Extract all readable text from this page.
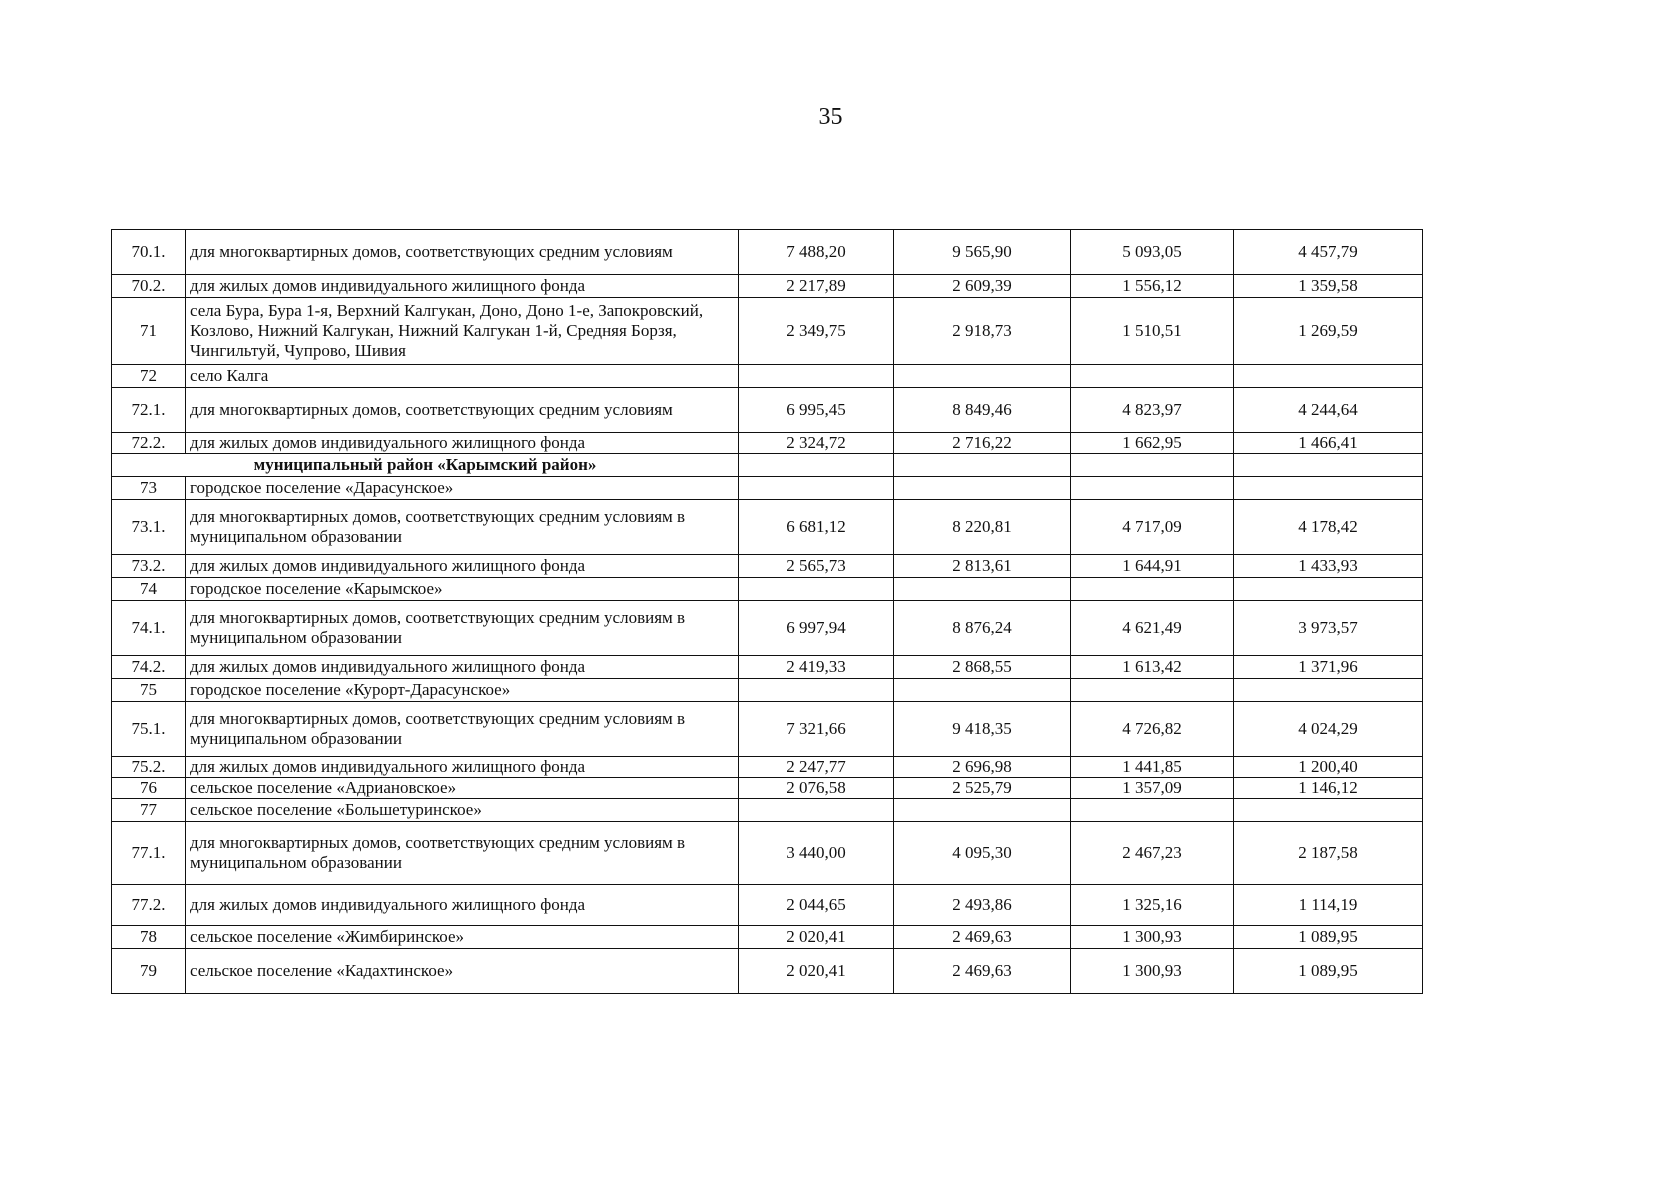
35
70.1.	для многоквартирных домов, соответствующих средним условиям	7 488,20	9 565,90	5 093,05	4 457,79
70.2.	для жилых домов индивидуального жилищного фонда	2 217,89	2 609,39	1 556,12	1 359,58
71	села Бура, Бура 1-я, Верхний Калгукан, Доно, Доно 1-е, Запокровский, Козлово, Нижний Калгукан, Нижний Калгукан 1-й, Средняя Борзя, Чингильтуй, Чупрово, Шивия	2 349,75	2 918,73	1 510,51	1 269,59
72	село Калга				
72.1.	для многоквартирных домов, соответствующих средним условиям	6 995,45	8 849,46	4 823,97	4 244,64
72.2.	для жилых домов индивидуального жилищного фонда	2 324,72	2 716,22	1 662,95	1 466,41
муниципальный район «Карымский район»					
73	городское поселение «Дарасунское»				
73.1.	для многоквартирных домов, соответствующих средним условиям в муниципальном образовании	6 681,12	8 220,81	4 717,09	4 178,42
73.2.	для жилых домов индивидуального жилищного фонда	2 565,73	2 813,61	1 644,91	1 433,93
74	городское поселение «Карымское»				
74.1.	для многоквартирных домов, соответствующих средним условиям в муниципальном образовании	6 997,94	8 876,24	4 621,49	3 973,57
74.2.	для жилых домов индивидуального жилищного фонда	2 419,33	2 868,55	1 613,42	1 371,96
75	городское поселение «Курорт-Дарасунское»				
75.1.	для многоквартирных домов, соответствующих средним условиям в муниципальном образовании	7 321,66	9 418,35	4 726,82	4 024,29
75.2.	для жилых домов индивидуального жилищного фонда	2 247,77	2 696,98	1 441,85	1 200,40
76	сельское поселение «Адриановское»	2 076,58	2 525,79	1 357,09	1 146,12
77	сельское поселение «Большетуринское»				
77.1.	для многоквартирных домов, соответствующих средним условиям в муниципальном образовании	3 440,00	4 095,30	2 467,23	2 187,58
77.2.	для жилых домов индивидуального жилищного фонда	2 044,65	2 493,86	1 325,16	1 114,19
78	сельское поселение «Жимбиринское»	2 020,41	2 469,63	1 300,93	1 089,95
79	сельское поселение «Кадахтинское»	2 020,41	2 469,63	1 300,93	1 089,95
